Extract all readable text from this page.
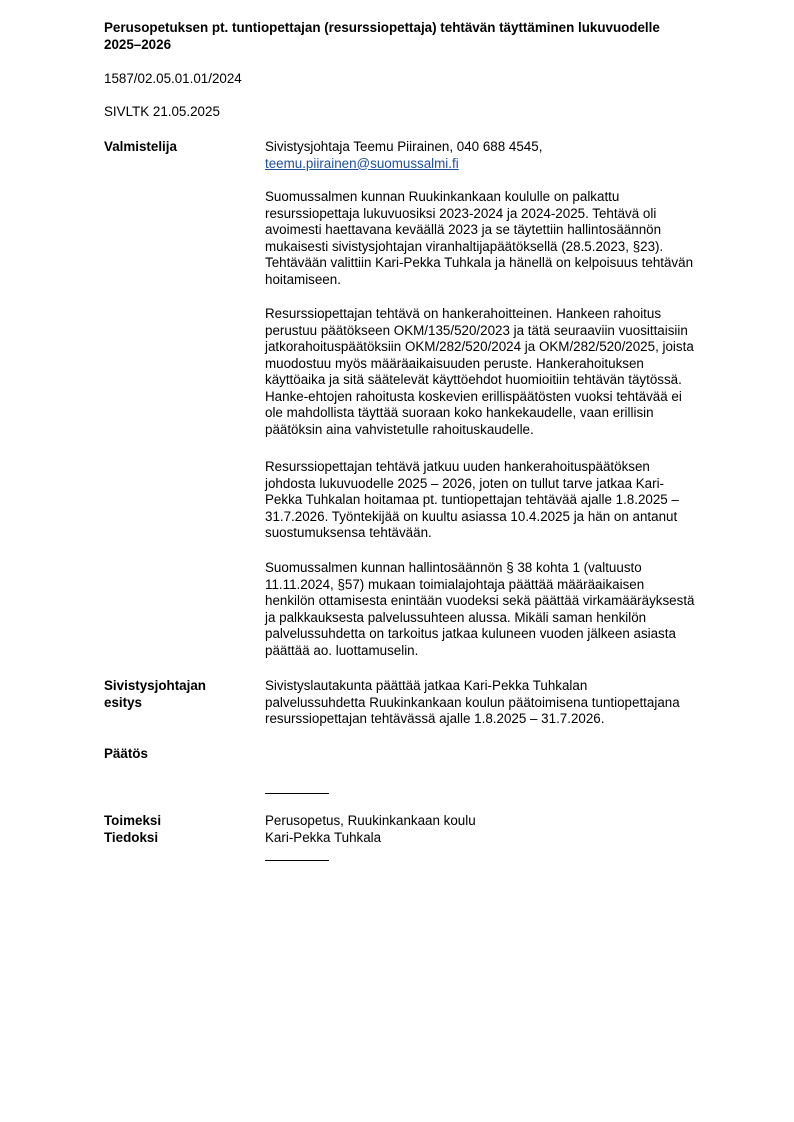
Perusopetuksen pt. tuntiopettajan (resurssiopettaja) tehtävän täyttäminen lukuvuodelle
2025–2026
1587/02.05.01.01/2024
SIVLTK 21.05.2025
Valmistelija	Sivistysjohtaja Teemu Piirainen, 040 688 4545,
teemu.piirainen@suomussalmi.fi
Suomussalmen kunnan Ruukinkankaan koululle on palkattu
resurssiopettaja lukuvuosiksi 2023-2024 ja 2024-2025. Tehtävä oli
avoimesti haettavana keväällä 2023 ja se täytettiin hallintosäännön
mukaisesti sivistysjohtajan viranhaltijapäätöksellä (28.5.2023, §23).
Tehtävään valittiin Kari-Pekka Tuhkala ja hänellä on kelpoisuus tehtävän
hoitamiseen.
Resurssiopettajan tehtävä on hankerahoitteinen. Hankeen rahoitus
perustuu päätökseen OKM/135/520/2023 ja tätä seuraaviin vuosittaisiin
jatkorahoituspäätöksiin OKM/282/520/2024 ja OKM/282/520/2025, joista
muodostuu myös määräaikaisuuden peruste. Hankerahoituksen
käyttöaika ja sitä säätelevät käyttöehdot huomioitiin tehtävän täytössä.
Hanke-ehtojen rahoitusta koskevien erillispäätösten vuoksi tehtävää ei
ole mahdollista täyttää suoraan koko hankekaudelle, vaan erillisin
päätöksin aina vahvistetulle rahoituskaudelle.
Resurssiopettajan tehtävä jatkuu uuden hankerahoituspäätöksen
johdosta lukuvuodelle 2025 – 2026, joten on tullut tarve jatkaa Kari-
Pekka Tuhkalan hoitamaa pt. tuntiopettajan tehtävää ajalle 1.8.2025 –
31.7.2026. Työntekijää on kuultu asiassa 10.4.2025 ja hän on antanut
suostumuksensa tehtävään.
Suomussalmen kunnan hallintosäännön § 38 kohta 1 (valtuusto
11.11.2024, §57) mukaan toimialajohtaja päättää määräaikaisen
henkilön ottamisesta enintään vuodeksi sekä päättää virkamääräyksestä
ja palkkauksesta palvelussuhteen alussa. Mikäli saman henkilön
palvelussuhdetta on tarkoitus jatkaa kuluneen vuoden jälkeen asiasta
päättää ao. luottamuselin.
Sivistysjohtajan
esitys
Sivistyslautakunta päättää jatkaa Kari-Pekka Tuhkalan
palvelussuhdetta Ruukinkankaan koulun päätoimisena tuntiopettajana
resurssiopettajan tehtävässä ajalle 1.8.2025 – 31.7.2026.
Päätös
Toimeksi	Perusopetus, Ruukinkankaan koulu
Tiedoksi	Kari-Pekka Tuhkala
